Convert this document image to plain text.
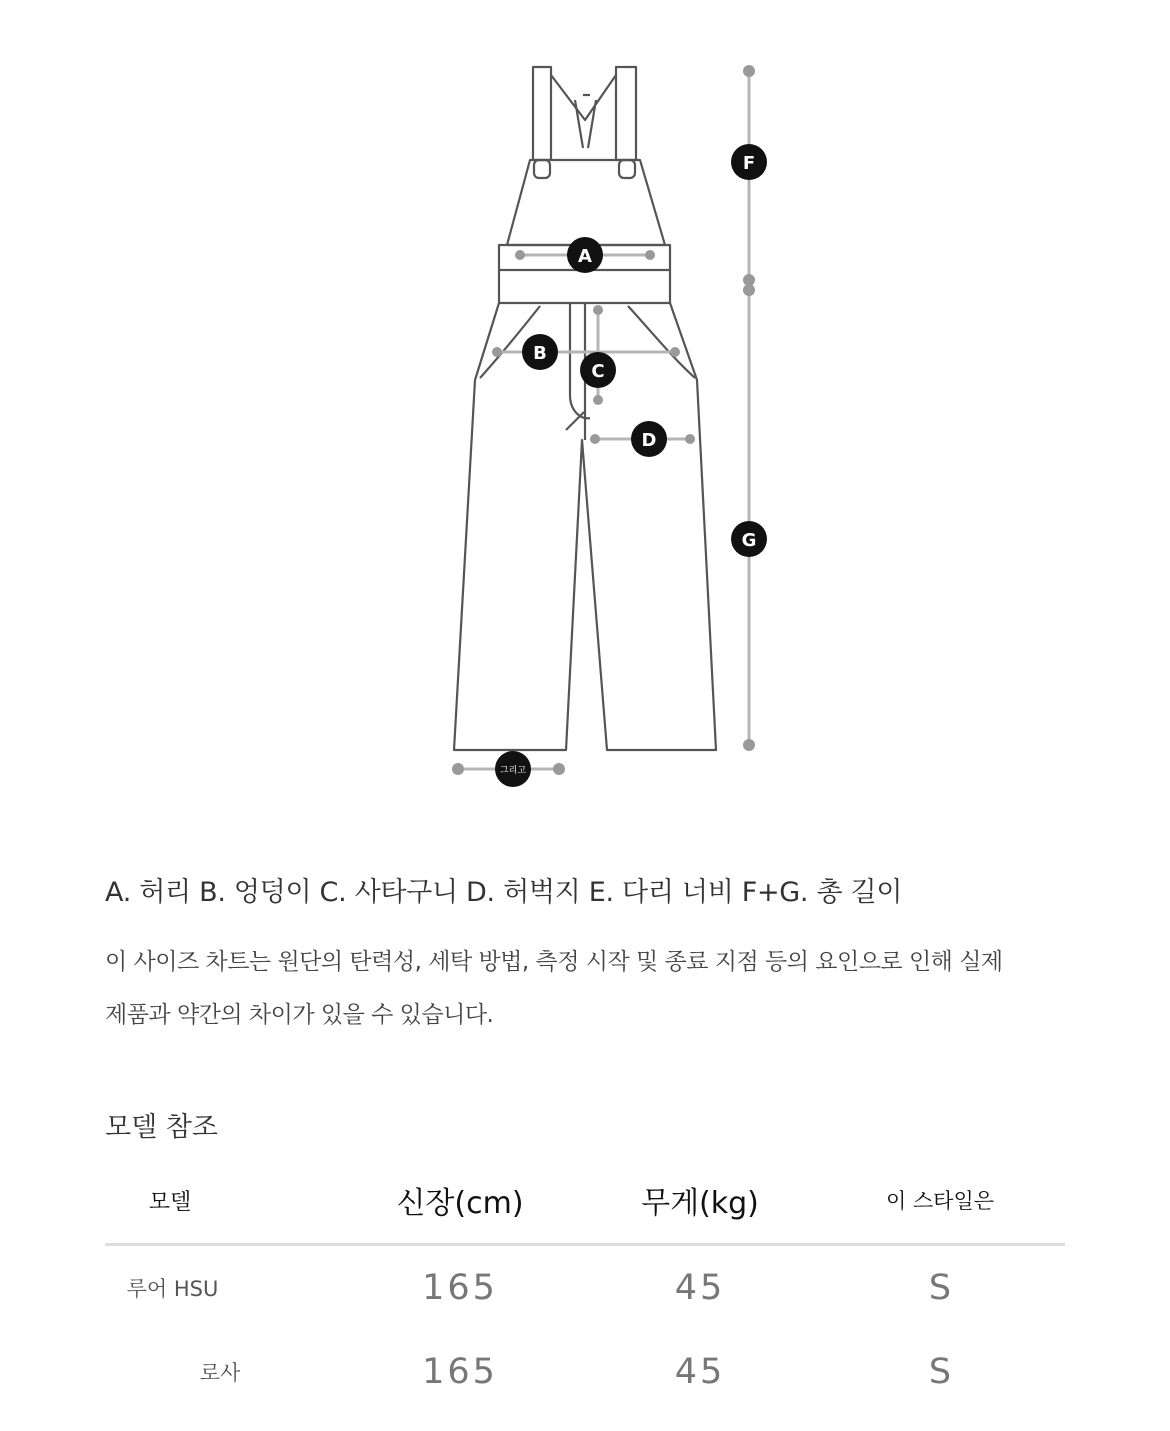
A
B
C
D
그리고
F
G
A. 허리 B. 엉덩이 C. 사타구니 D. 허벅지 E. 다리 너비 F+G. 총 길이
이 사이즈 차트는 원단의 탄력성, 세탁 방법, 측정 시작 및 종료 지점 등의 요인으로 인해 실제
제품과 약간의 차이가 있을 수 있습니다.
모델 참조
모델	신장(cm)	무게(kg)	이 스타일은
루어 HSU	165	45	S
로사	165	45	S
